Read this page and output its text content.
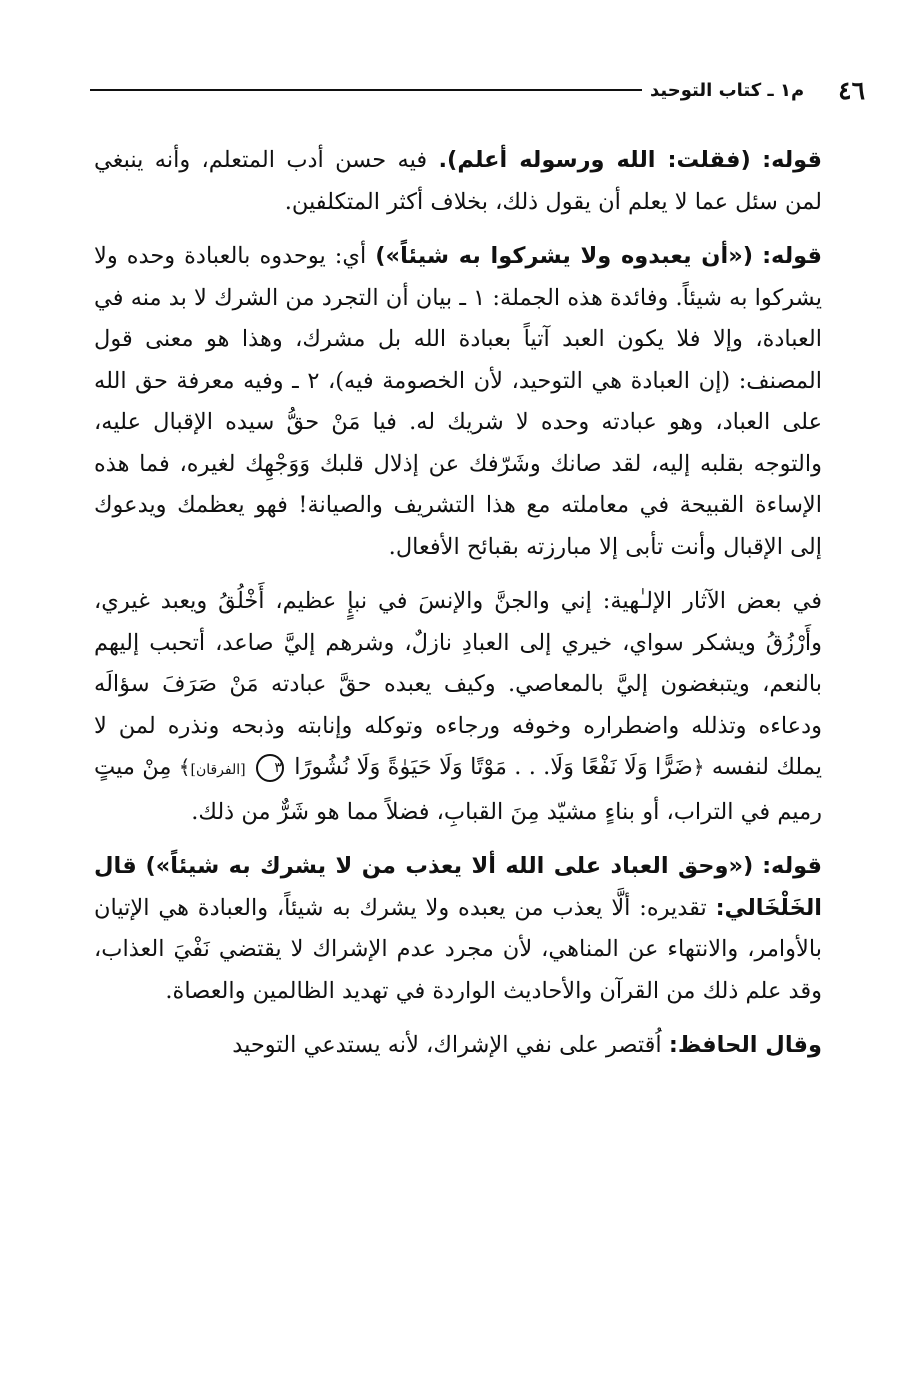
٤٦
م١ ـ كتاب التوحيد

قوله: (فقلت: الله ورسوله أعلم). فيه حسن أدب المتعلم، وأنه ينبغي لمن سئل عما لا يعلم أن يقول ذلك، بخلاف أكثر المتكلفين.

قوله: («أن يعبدوه ولا يشركوا به شيئاً») أي: يوحدوه بالعبادة وحده ولا يشركوا به شيئاً. وفائدة هذه الجملة: ١ ـ بيان أن التجرد من الشرك لا بد منه في العبادة، وإلا فلا يكون العبد آتياً بعبادة الله بل مشرك، وهذا هو معنى قول المصنف: (إن العبادة هي التوحيد، لأن الخصومة فيه)، ٢ ـ وفيه معرفة حق الله على العباد، وهو عبادته وحده لا شريك له. فيا مَنْ حقُّ سيده الإقبال عليه، والتوجه بقلبه إليه، لقد صانك وشَرّفك عن إذلال قلبك وَوَجْهِك لغيره، فما هذه الإساءة القبيحة في معاملته مع هذا التشريف والصيانة! فهو يعظمك ويدعوك إلى الإقبال وأنت تأبى إلا مبارزته بقبائح الأفعال.

في بعض الآثار الإلـٰهية: إني والجنَّ والإنسَ في نبإٍ عظيم، أَخْلُقُ ويعبد غيري، وأَرْزُقُ ويشكر سواي، خيري إلى العبادِ نازلٌ، وشرهم إليَّ صاعد، أتحبب إليهم بالنعم، ويتبغضون إليَّ بالمعاصي. وكيف يعبده حقَّ عبادته مَنْ صَرَفَ سؤالَه ودعاءه وتذلله واضطراره وخوفه ورجاءه وتوكله وإنابته وذبحه ونذره لمن لا يملك لنفسه ﴿ضَرًّا وَلَا نَفْعًا وَلَا. . . مَوْتًا وَلَا حَيَوٰةً وَلَا نُشُورًا ٣ [الفرقان]﴾ مِنْ ميتٍ رميم في التراب، أو بناءٍ مشيّد مِنَ القبابِ، فضلاً مما هو شَرٌّ من ذلك.

قوله: («وحق العباد على الله ألا يعذب من لا يشرك به شيئاً») قال الخَلْخَالي: تقديره: ألَّا يعذب من يعبده ولا يشرك به شيئاً، والعبادة هي الإتيان بالأوامر، والانتهاء عن المناهي، لأن مجرد عدم الإشراك لا يقتضي نَفْيَ العذاب، وقد علم ذلك من القرآن والأحاديث الواردة في تهديد الظالمين والعصاة.

وقال الحافظ: اُقتصر على نفي الإشراك، لأنه يستدعي التوحيد
